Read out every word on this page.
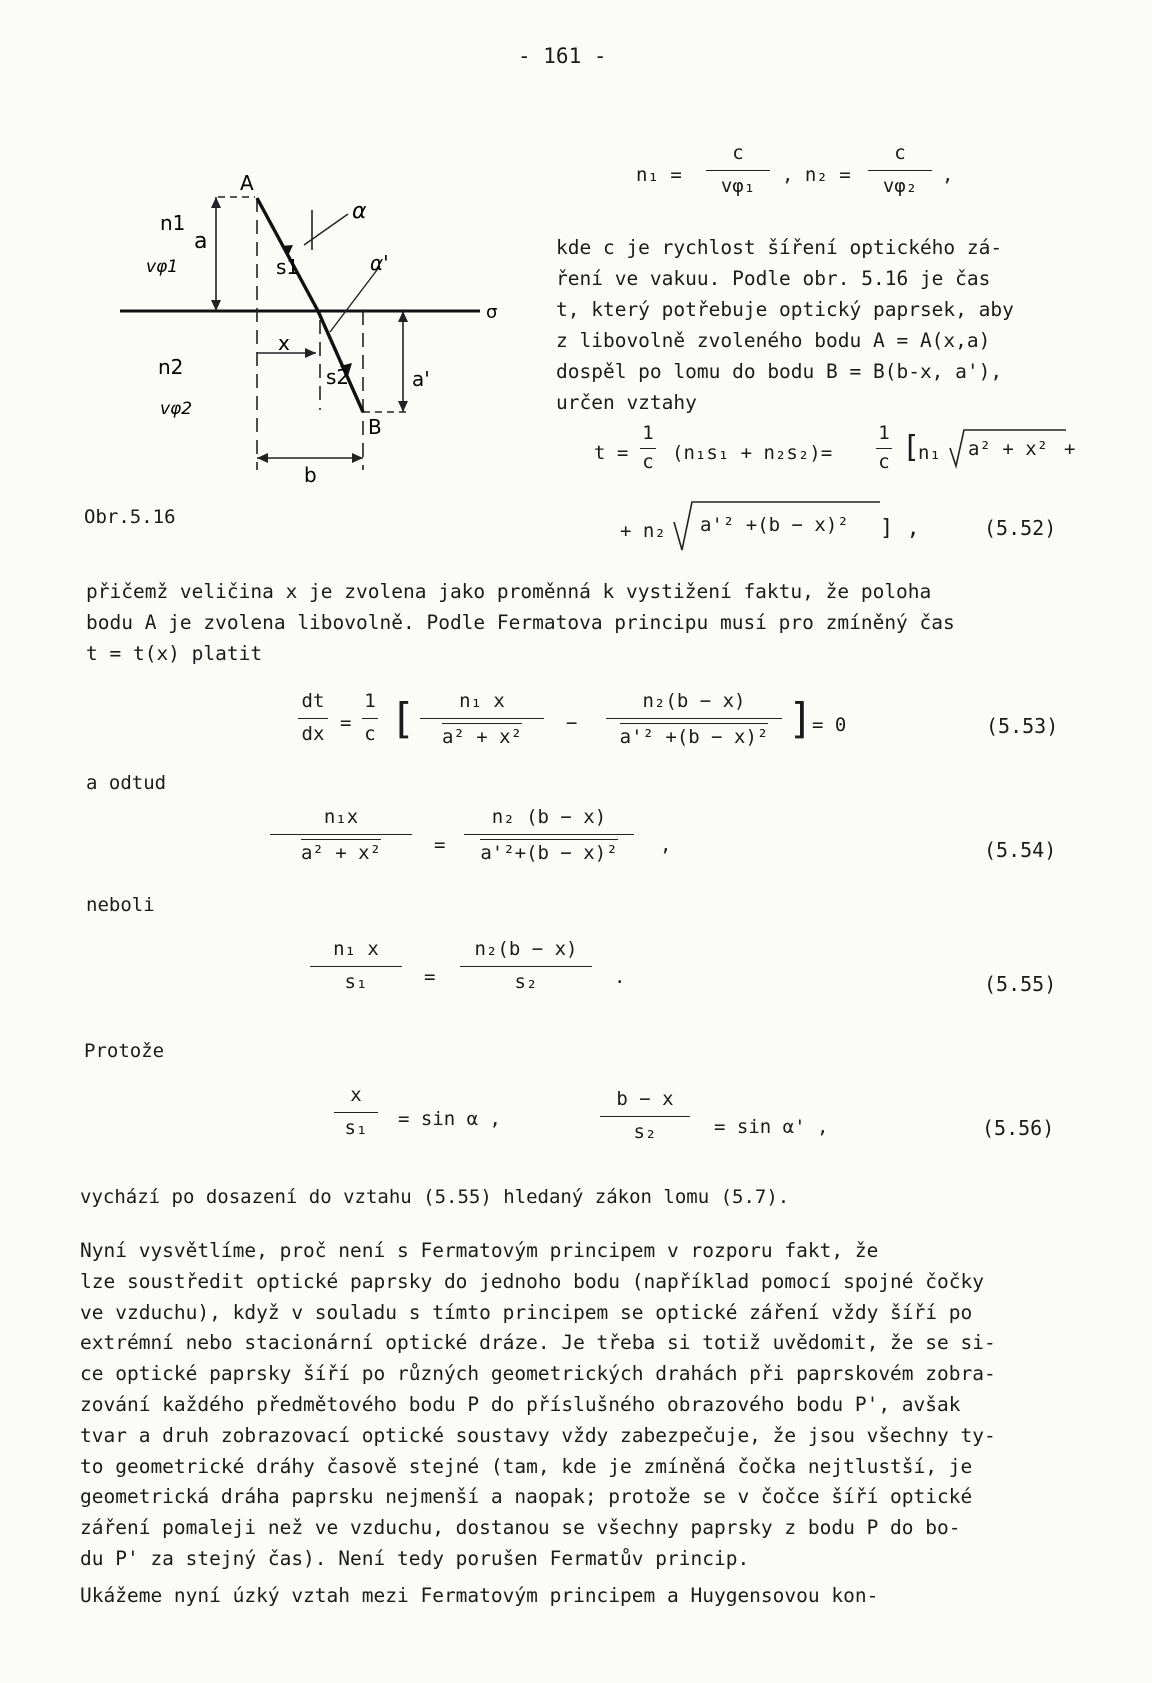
- 161 -
A
α
α'
σ
n1
vφ1
a
s1
x
n2
vφ2
s2	a'
B
b
Obr.5.16
n₁ =
c
vφ₁ , n₂ =
c
vφ₂ ,
kde c je rychlost šíření optického zá-
ření ve vakuu. Podle obr. 5.16 je čas
t, který potřebuje optický paprsek, aby
z libovolně zvoleného bodu A = A(x,a)
dospěl po lomu do bodu B = B(b-x, a'),
určen vztahy
t =
1
c (n₁s₁ + n₂s₂)=
1
c [
n₁ a² + x² +
+ n₂ a'² +(b − x)² ] ,	(5.52)
přičemž veličina x je zvolena jako proměnná k vystižení faktu, že poloha
bodu A je zvolena libovolně. Podle Fermatova principu musí pro zmíněný čas
t = t(x) platit
dt
dx =
1
c [ $\frac{\text{n₁ x}}{\text{a² + x²}} - \frac{\text{n₂(b − x)}}{\text{a'² +(b − x)²}}$ ]
= 0	(5.53)
a odtud
$\frac{\text{n₁x}}{\text{a² + x²}} = \frac{\text{n₂ (b − x)}}{\text{a'²+(b − x)²}}$ ,	(5.54)
neboli
n₁ x
s₁	=
n₂(b − x)
s₂	.	(5.55)
Protože
x
s₁ = sin α ,
b − x
s₂	= sin α' ,	(5.56)
vychází po dosazení do vztahu (5.55) hledaný zákon lomu (5.7).
Nyní vysvětlíme, proč není s Fermatovým principem v rozporu fakt, že
lze soustředit optické paprsky do jednoho bodu (například pomocí spojné čočky
ve vzduchu), když v souladu s tímto principem se optické záření vždy šíří po
extrémní nebo stacionární optické dráze. Je třeba si totiž uvědomit, že se si-
ce optické paprsky šíří po různých geometrických drahách při paprskovém zobra-
zování každého předmětového bodu P do příslušného obrazového bodu P', avšak
tvar a druh zobrazovací optické soustavy vždy zabezpečuje, že jsou všechny ty-
to geometrické dráhy časově stejné (tam, kde je zmíněná čočka nejtlustší, je
geometrická dráha paprsku nejmenší a naopak; protože se v čočce šíří optické
záření pomaleji než ve vzduchu, dostanou se všechny paprsky z bodu P do bo-
du P' za stejný čas). Není tedy porušen Fermatův princip.
Ukážeme nyní úzký vztah mezi Fermatovým principem a Huygensovou kon-
